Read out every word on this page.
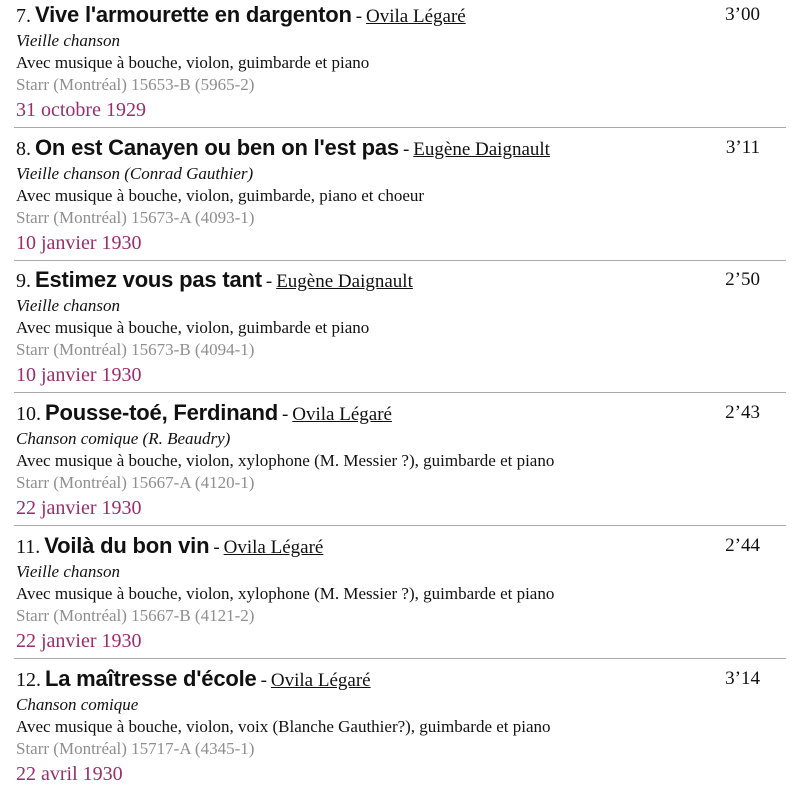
7. Vive l'armourette en dargenton - Ovila Légaré	3’00
Vieille chanson
Avec musique à bouche, violon, guimbarde et piano
Starr (Montréal) 15653-B (5965-2)
31 octobre 1929
8. On est Canayen ou ben on l'est pas - Eugène Daignault	3’11
Vieille chanson (Conrad Gauthier)
Avec musique à bouche, violon, guimbarde, piano et choeur
Starr (Montréal) 15673-A (4093-1)
10 janvier 1930
9. Estimez vous pas tant - Eugène Daignault	2’50
Vieille chanson
Avec musique à bouche, violon, guimbarde et piano
Starr (Montréal) 15673-B (4094-1)
10 janvier 1930
10. Pousse-toé, Ferdinand - Ovila Légaré	2’43
Chanson comique (R. Beaudry)
Avec musique à bouche, violon, xylophone (M. Messier ?), guimbarde et piano
Starr (Montréal) 15667-A (4120-1)
22 janvier 1930
11. Voilà du bon vin - Ovila Légaré	2’44
Vieille chanson
Avec musique à bouche, violon, xylophone (M. Messier ?), guimbarde et piano
Starr (Montréal) 15667-B (4121-2)
22 janvier 1930
12. La maîtresse d'école - Ovila Légaré	3’14
Chanson comique
Avec musique à bouche, violon, voix (Blanche Gauthier?), guimbarde et piano
Starr (Montréal) 15717-A (4345-1)
22 avril 1930
